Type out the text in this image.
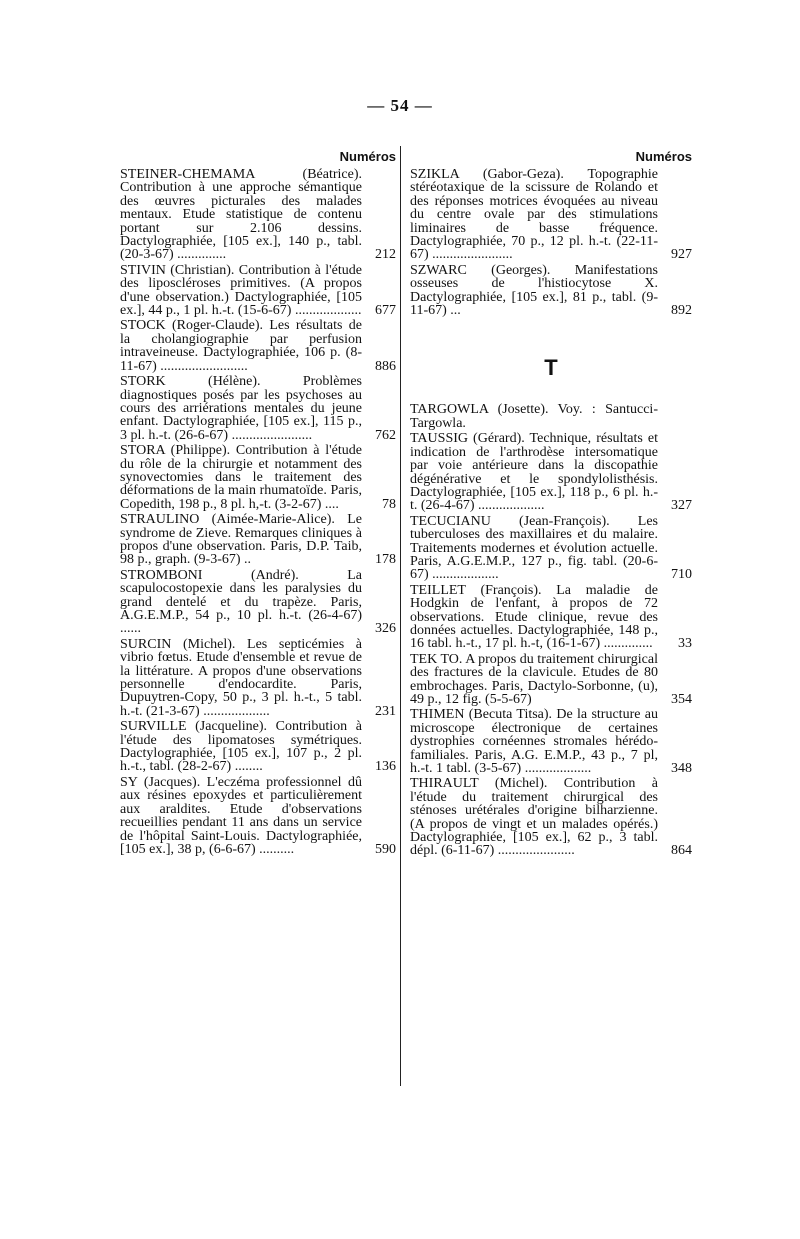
— 54 —
Numéros
STEINER-CHEMAMA (Béatrice). Contribution à une approche sémantique des œuvres picturales des malades mentaux. Etude statistique de contenu portant sur 2.106 dessins. Dactylographiée, [105 ex.], 140 p., tabl. (20-3-67) ..............	212
STIVIN (Christian). Contribution à l'étude des liposcléroses primitives. (A propos d'une observation.) Dactylographiée, [105 ex.], 44 p., 1 pl. h.-t. (15-6-67) ................... 677
STOCK (Roger-Claude). Les résultats de la cholangiographie par perfusion intraveineuse. Dactylographiée, 106 p. (8-11-67) .........................	886
STORK (Hélène). Problèmes diagnostiques posés par les psychoses au cours des arriérations mentales du jeune enfant. Dactylographiée, [105 ex.], 115 p., 3 pl. h.-t. (26-6-67) .......................	762
STORA (Philippe). Contribution à l'étude du rôle de la chirurgie et notamment des synovectomies dans le traitement des déformations de la main rhumatoïde. Paris, Copedith, 198 p., 8 pl. h,-t. (3-2-67) ....	78
STRAULINO (Aimée-Marie-Alice). Le syndrome de Zieve. Remarques cliniques à propos d'une observation. Paris, D.P. Taib, 98 p., graph. (9-3-67) ..	178
STROMBONI (André). La scapulocostopexie dans les paralysies du grand dentelé et du trapèze. Paris, A.G.E.M.P., 54 p., 10 pl. h.-t. (26-4-67) ......	326
SURCIN (Michel). Les septicémies à vibrio fœtus. Etude d'ensemble et revue de la littérature. A propos d'une observations personnelle d'endocardite. Paris, Dupuytren-Copy, 50 p., 3 pl. h.-t., 5 tabl. h.-t. (21-3-67) ...................	231
SURVILLE (Jacqueline). Contribution à l'étude des lipomatoses symétriques. Dactylographiée, [105 ex.], 107 p., 2 pl. h.-t., tabl. (28-2-67) ........	136
SY (Jacques). L'eczéma professionnel dû aux résines epoxydes et particulièrement aux araldites. Etude d'observations recueillies pendant 11 ans dans un service de l'hôpital Saint-Louis. Dactylographiée, [105 ex.], 38 p, (6-6-67) ..........	590
Numéros
SZIKLA (Gabor-Geza). Topographie stéréotaxique de la scissure de Rolando et des réponses motrices évoquées au niveau du centre ovale par des stimulations liminaires de basse fréquence. Dactylographiée, 70 p., 12 pl. h.-t. (22-11-67) .......................	927
SZWARC (Georges). Manifestations osseuses de l'histiocytose X. Dactylographiée, [105 ex.], 81 p., tabl. (9-11-67) ...	892
T
TARGOWLA (Josette). Voy. : Santucci-Targowla.
TAUSSIG (Gérard). Technique, résultats et indication de l'arthrodèse intersomatique par voie antérieure dans la discopathie dégénérative et le spondylolisthésis. Dactylographiée, [105 ex.], 118 p., 6 pl. h.-t. (26-4-67) ...................	327
TECUCIANU (Jean-François). Les tuberculoses des maxillaires et du malaire. Traitements modernes et évolution actuelle. Paris, A.G.E.M.P., 127 p., fig. tabl. (20-6-67) ...................	710
TEILLET (François). La maladie de Hodgkin de l'enfant, à propos de 72 observations. Etude clinique, revue des données actuelles. Dactylographiée, 148 p., 16 tabl. h.-t., 17 pl. h.-t, (16-1-67) ..............	33
TEK TO. A propos du traitement chirurgical des fractures de la clavicule. Etudes de 80 embrochages. Paris, Dactylo-Sorbonne, (u), 49 p., 12 fig. (5-5-67)	354
THIMEN (Becuta Titsa). De la structure au microscope électronique de certaines dystrophies cornéennes stromales hérédo-familiales. Paris, A.G. E.M.P., 43 p., 7 pl, h.-t. 1 tabl. (3-5-67) ...................	348
THIRAULT (Michel). Contribution à l'étude du traitement chirurgical des sténoses urétérales d'origine bilharzienne. (A propos de vingt et un malades opérés.) Dactylographiée, [105 ex.], 62 p., 3 tabl. dépl. (6-11-67) ......................	864
